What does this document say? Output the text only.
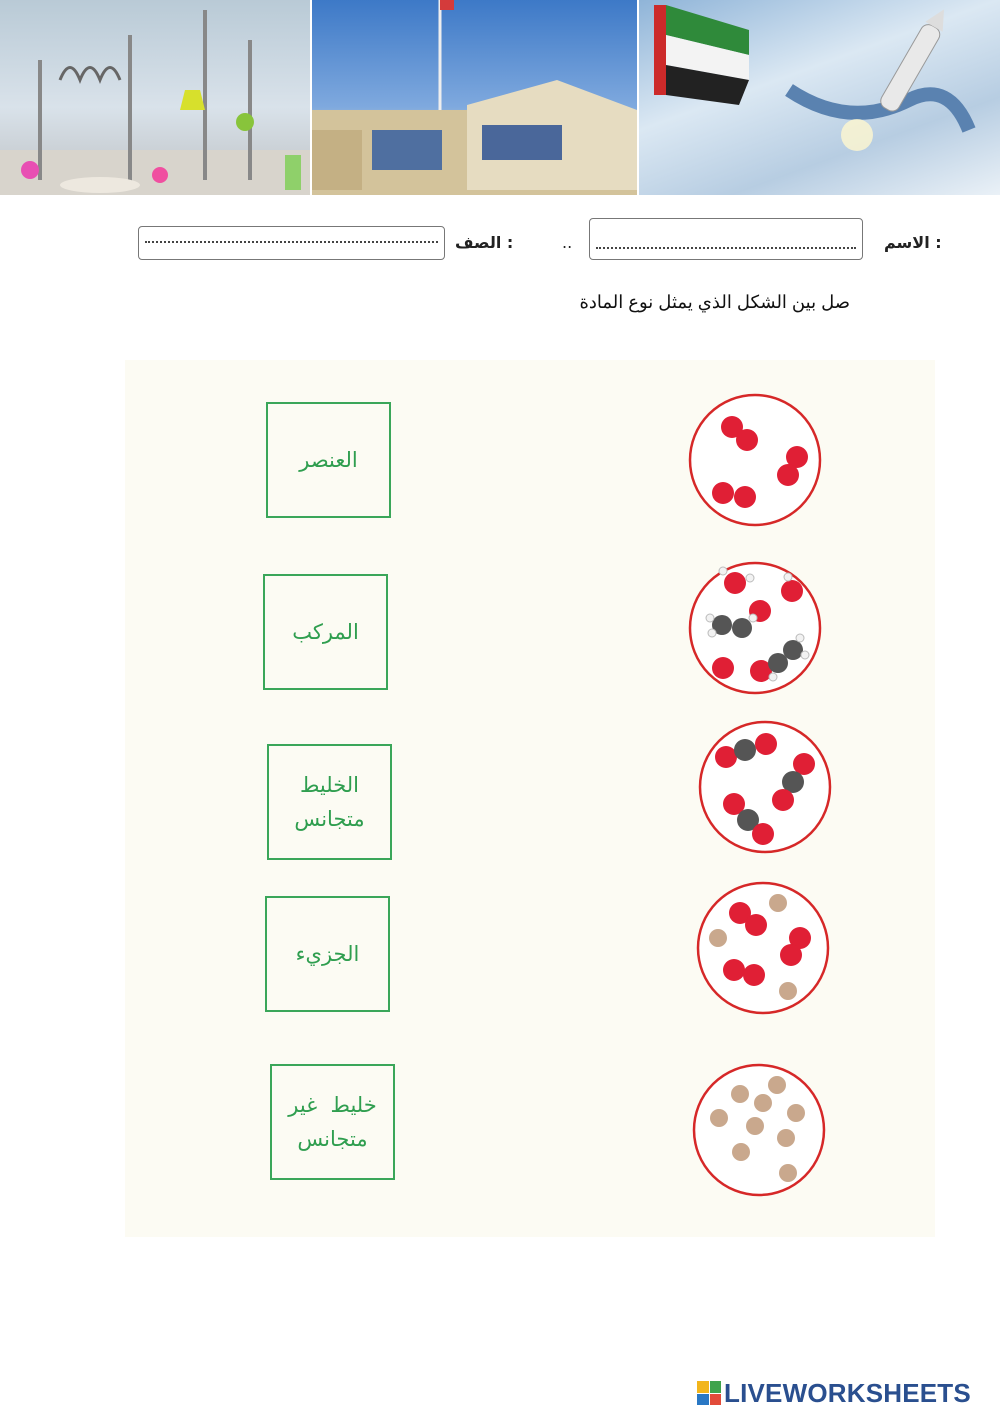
الاسم :
..
الصف :
صل بين الشكل الذي يمثل نوع المادة
العنصر
المركب
الخليط
متجانس
الجزيء
خليط  غير
متجانس
LIVEWORKSHEETS
